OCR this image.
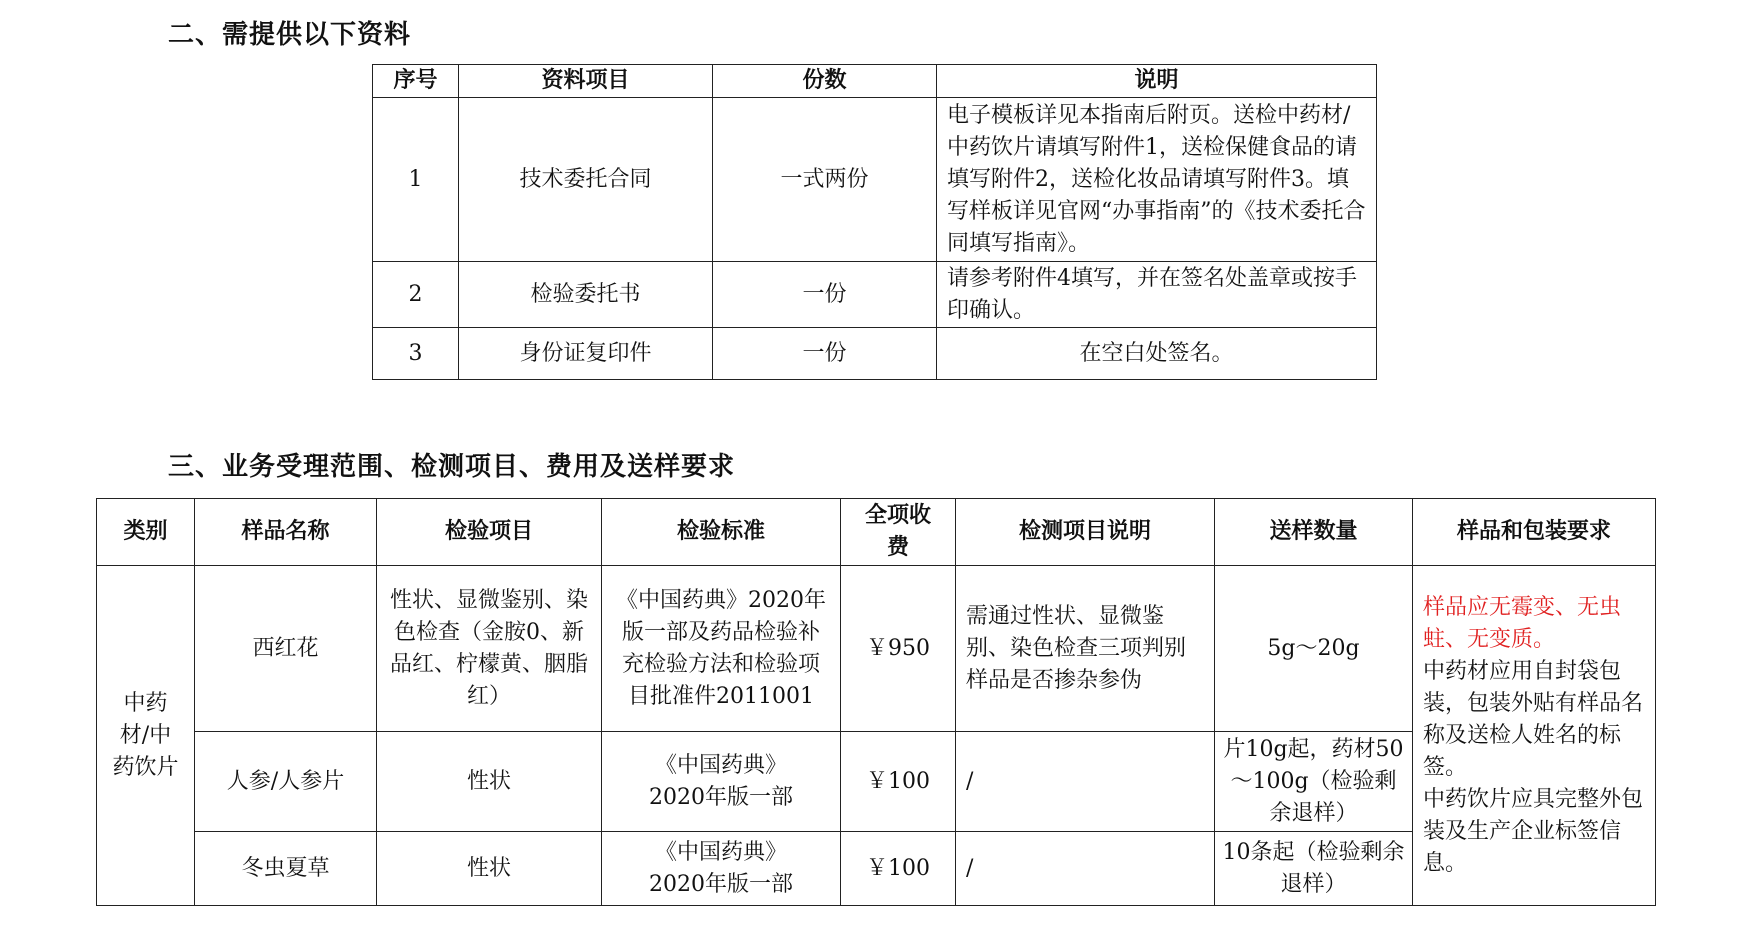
二、需提供以下资料
序号	资料项目	份数	说明
1	技术委托合同	一式两份	电子模板详见本指南后附页。送检中药材/中药饮片请填写附件1，送检保健食品的请填写附件2，送检化妆品请填写附件3。填写样板详见官网“办事指南”的《技术委托合同填写指南》。
2	检验委托书	一份	请参考附件4填写，并在签名处盖章或按手印确认。
3	身份证复印件	一份	在空白处签名。
三、业务受理范围、检测项目、费用及送样要求
类别	样品名称	检验项目	检验标准	全项收费	检测项目说明	送样数量	样品和包装要求
中药材/中药饮片	西红花	性状、显微鉴别、染色检查（金胺0、新品红、柠檬黄、胭脂红）	《中国药典》2020年版一部及药品检验补充检验方法和检验项目批准件2011001	￥950	需通过性状、显微鉴别、染色检查三项判别样品是否掺杂参伪	5g～20g	样品应无霉变、无虫蛀、无变质。
中药材应用自封袋包装，包装外贴有样品名称及送检人姓名的标签。
中药饮片应具完整外包装及生产企业标签信息。

	人参/人参片	性状	《中国药典》2020年版一部	￥100	/	片10g起，药材50～100g（检验剩余退样）	
	冬虫夏草	性状	《中国药典》2020年版一部	￥100	/	10条起（检验剩余退样）	
